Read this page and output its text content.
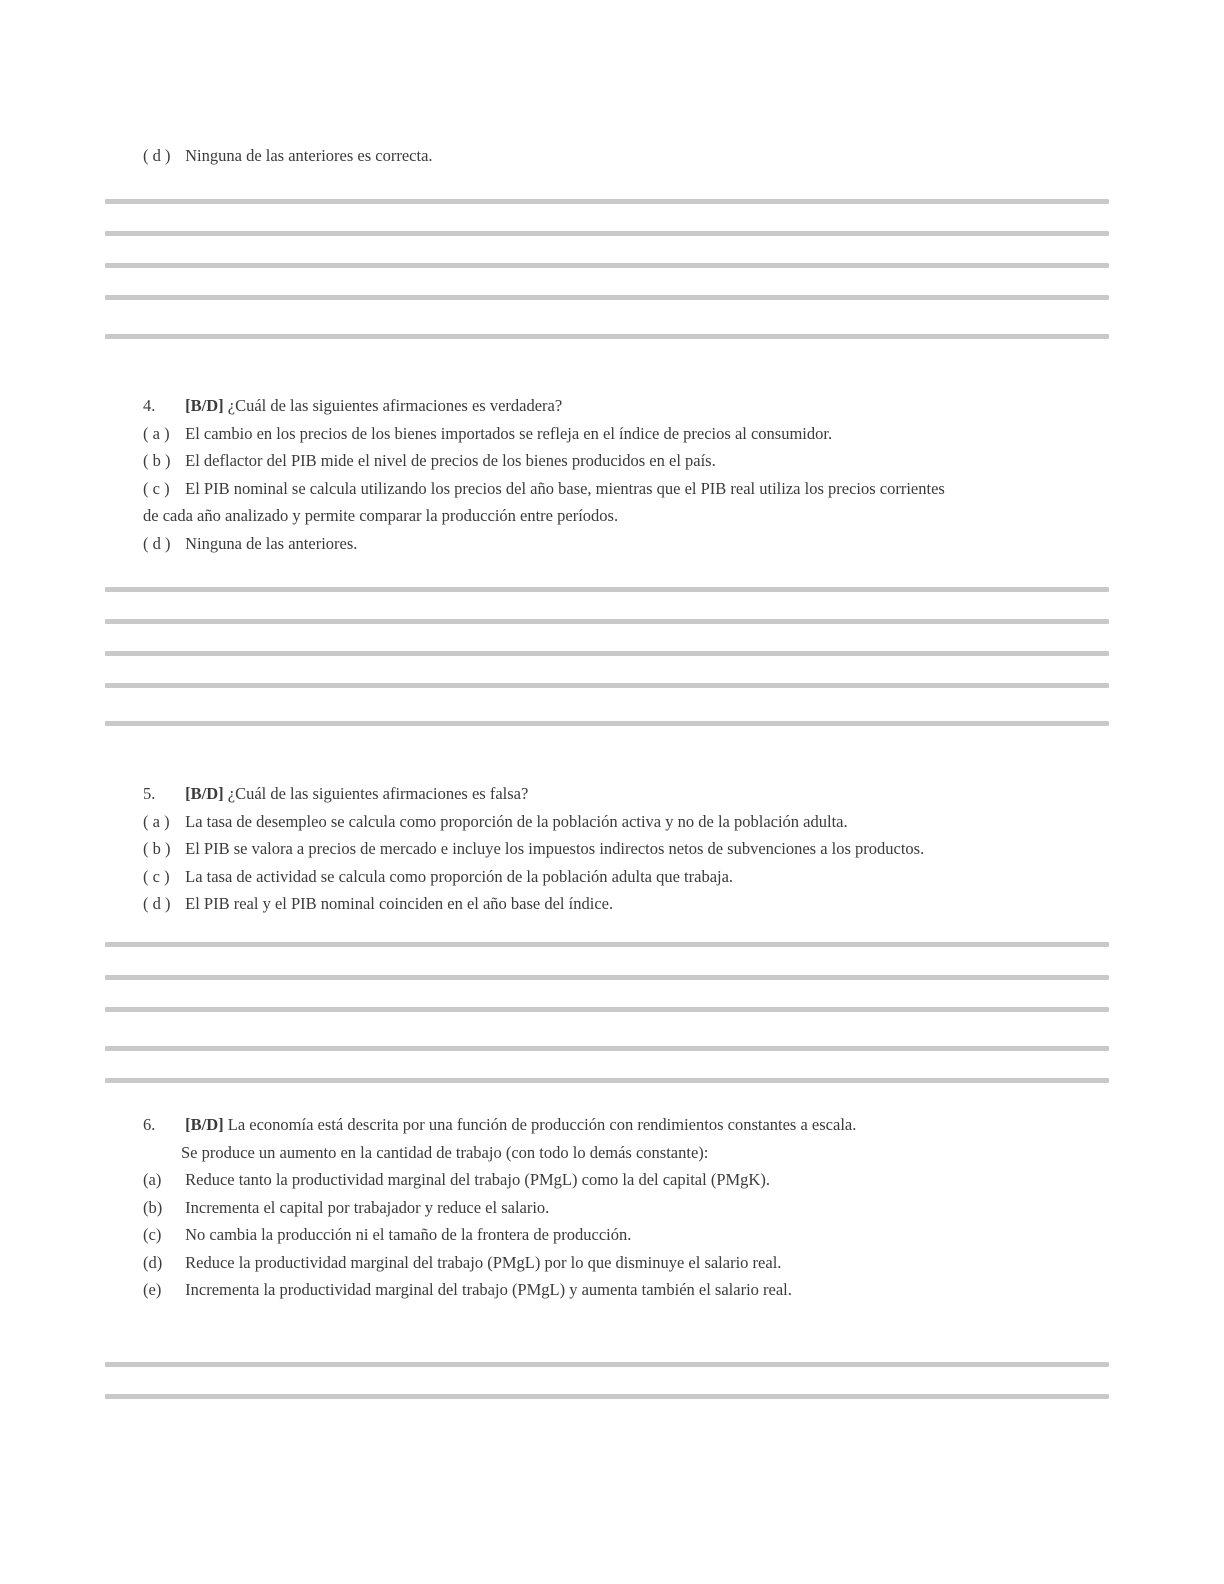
( d ) Ninguna de las anteriores es correcta.

4. [B/D] ¿Cuál de las siguientes afirmaciones es verdadera?

( a ) El cambio en los precios de los bienes importados se refleja en el índice de precios al consumidor.

( b ) El deflactor del PIB mide el nivel de precios de los bienes producidos en el país.

( c ) El PIB nominal se calcula utilizando los precios del año base, mientras que el PIB real utiliza los precios corrientes

de cada año analizado y permite comparar la producción entre períodos.

( d ) Ninguna de las anteriores.

5. [B/D] ¿Cuál de las siguientes afirmaciones es falsa?

( a ) La tasa de desempleo se calcula como proporción de la población activa y no de la población adulta.

( b ) El PIB se valora a precios de mercado e incluye los impuestos indirectos netos de subvenciones a los productos.

( c ) La tasa de actividad se calcula como proporción de la población adulta que trabaja.

( d ) El PIB real y el PIB nominal coinciden en el año base del índice.

6. [B/D] La economía está descrita por una función de producción con rendimientos constantes a escala.

Se produce un aumento en la cantidad de trabajo (con todo lo demás constante):

(a) Reduce tanto la productividad marginal del trabajo (PMgL) como la del capital (PMgK).

(b) Incrementa el capital por trabajador y reduce el salario.

(c) No cambia la producción ni el tamaño de la frontera de producción.

(d) Reduce la productividad marginal del trabajo (PMgL) por lo que disminuye el salario real.

(e) Incrementa la productividad marginal del trabajo (PMgL) y aumenta también el salario real.
